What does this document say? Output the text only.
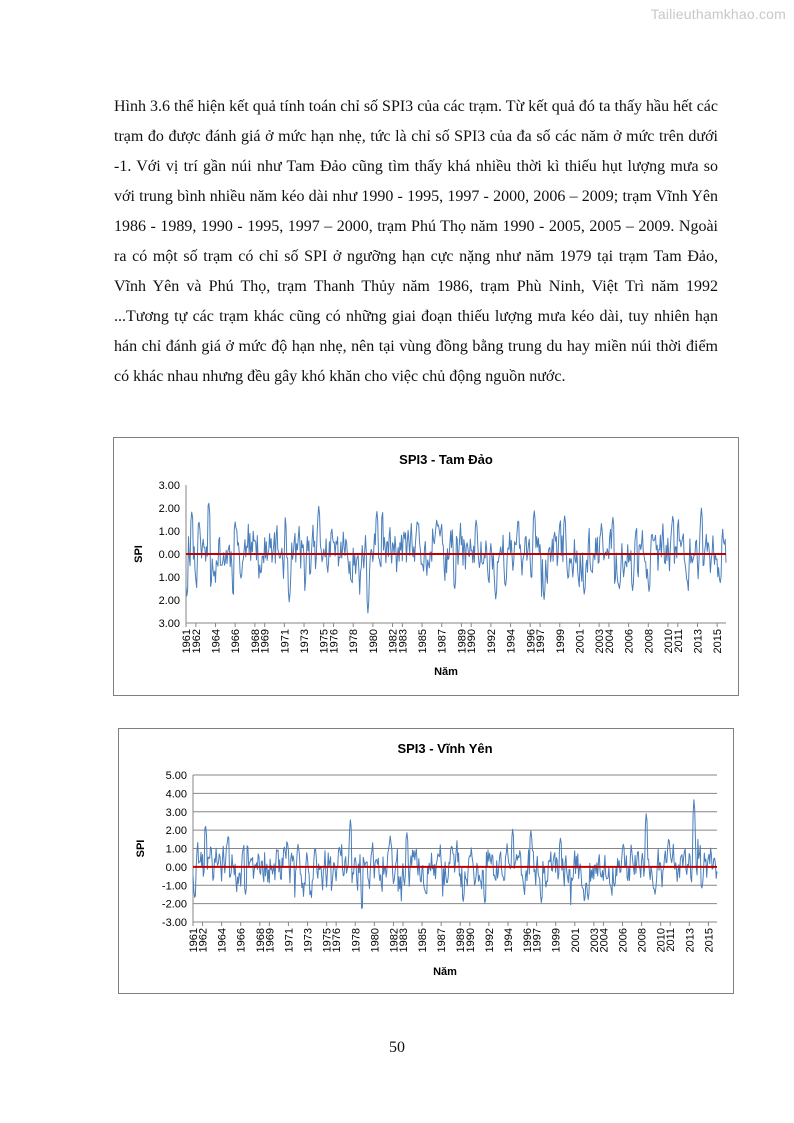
Tailieuthamkhao.com

Hình 3.6 thể hiện kết quả tính toán chỉ số SPI3 của các trạm. Từ kết quả đó ta thấy hầu hết các trạm đo được đánh giá ở mức hạn nhẹ, tức là chỉ số SPI3 của đa số các năm ở mức trên dưới -1. Với vị trí gần núi như Tam Đảo cũng tìm thấy khá nhiều thời kì thiếu hụt lượng mưa so với trung bình nhiều năm kéo dài như 1990 - 1995, 1997 - 2000, 2006 – 2009; trạm Vĩnh Yên 1986 - 1989, 1990 - 1995, 1997 – 2000, trạm Phú Thọ năm 1990 - 2005, 2005 – 2009. Ngoài ra có một số trạm có chỉ số SPI ở ngưỡng hạn cực nặng như năm 1979 tại trạm Tam Đảo, Vĩnh Yên và Phú Thọ, trạm Thanh Thủy năm 1986, trạm Phù Ninh, Việt Trì năm 1992 ...Tương tự các trạm khác cũng có những giai đoạn thiếu lượng mưa kéo dài, tuy nhiên hạn hán chỉ đánh giá ở mức độ hạn nhẹ, nên tại vùng đồng bằng trung du hay miền núi thời điểm có khác nhau nhưng đều gây khó khăn cho việc chủ động nguồn nước.

SPI3 - Tam Đảo
3.00
2.00
1.00
0.00
1.00
2.00
3.00
1961
1962 1964 1966 1968
1969 1971 1973 1975
1976 1978 1980 1982
1983 1985 1987 1989
1990 1992 1994 1996
1997 1999 2001 2003
2004 2006 2008 2010
2011 2013 2015
SPI
Năm
SPI3 - Vĩnh Yên
5.00
4.00
3.00
2.00
1.00
0.00
-1.00
-2.00
-3.00
1961
1962 1964 1966 1968
1969 1971 1973 1975
1976 1978 1980 1982
1983 1985 1987 1989
1990 1992 1994 1996
1997 1999 2001 2003
2004 2006 2008 2010
2011 2013 2015
SPI
Năm
50
